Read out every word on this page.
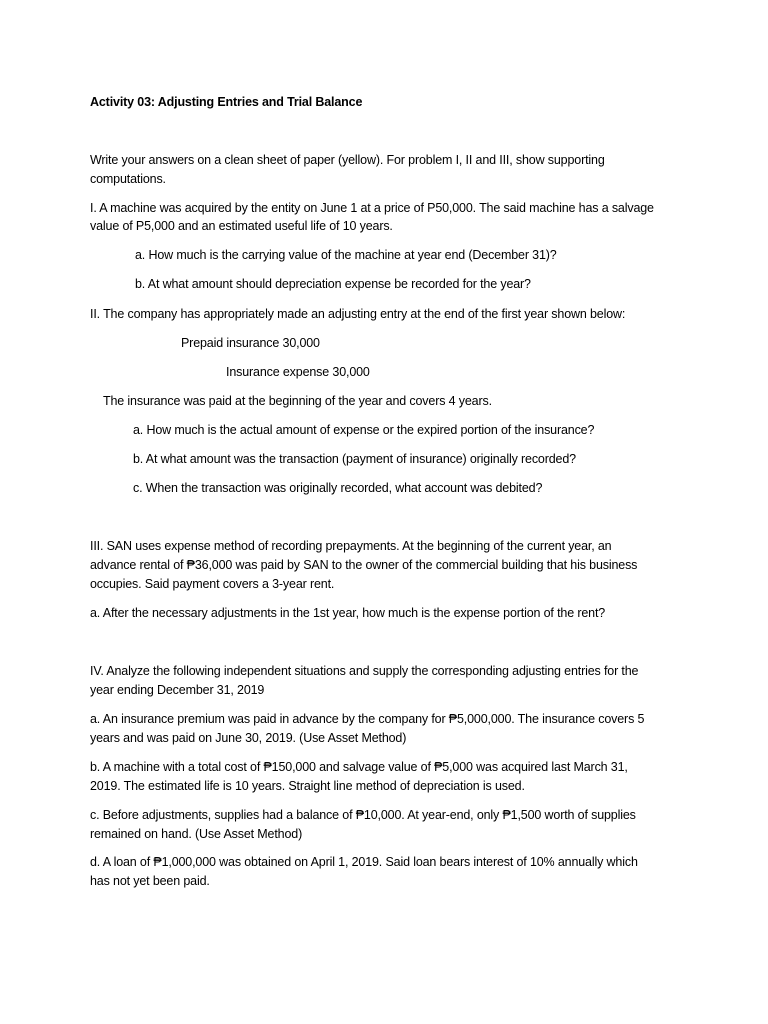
Activity 03: Adjusting Entries and Trial Balance
Write your answers on a clean sheet of paper (yellow). For problem I, II and III, show supporting
computations.
I. A machine was acquired by the entity on June 1 at a price of P50,000. The said machine has a salvage
value of P5,000 and an estimated useful life of 10 years.
a. How much is the carrying value of the machine at year end (December 31)?
b. At what amount should depreciation expense be recorded for the year?
II. The company has appropriately made an adjusting entry at the end of the first year shown below:
Prepaid insurance 30,000
Insurance expense 30,000
The insurance was paid at the beginning of the year and covers 4 years.
a. How much is the actual amount of expense or the expired portion of the insurance?
b. At what amount was the transaction (payment of insurance) originally recorded?
c. When the transaction was originally recorded, what account was debited?
III. SAN uses expense method of recording prepayments. At the beginning of the current year, an
advance rental of ₱36,000 was paid by SAN to the owner of the commercial building that his business
occupies. Said payment covers a 3-year rent.
a. After the necessary adjustments in the 1st year, how much is the expense portion of the rent?
IV. Analyze the following independent situations and supply the corresponding adjusting entries for the
year ending December 31, 2019
a. An insurance premium was paid in advance by the company for ₱5,000,000. The insurance covers 5
years and was paid on June 30, 2019. (Use Asset Method)
b. A machine with a total cost of ₱150,000 and salvage value of ₱5,000 was acquired last March 31,
2019. The estimated life is 10 years. Straight line method of depreciation is used.
c. Before adjustments, supplies had a balance of ₱10,000. At year-end, only ₱1,500 worth of supplies
remained on hand. (Use Asset Method)
d. A loan of ₱1,000,000 was obtained on April 1, 2019. Said loan bears interest of 10% annually which
has not yet been paid.
